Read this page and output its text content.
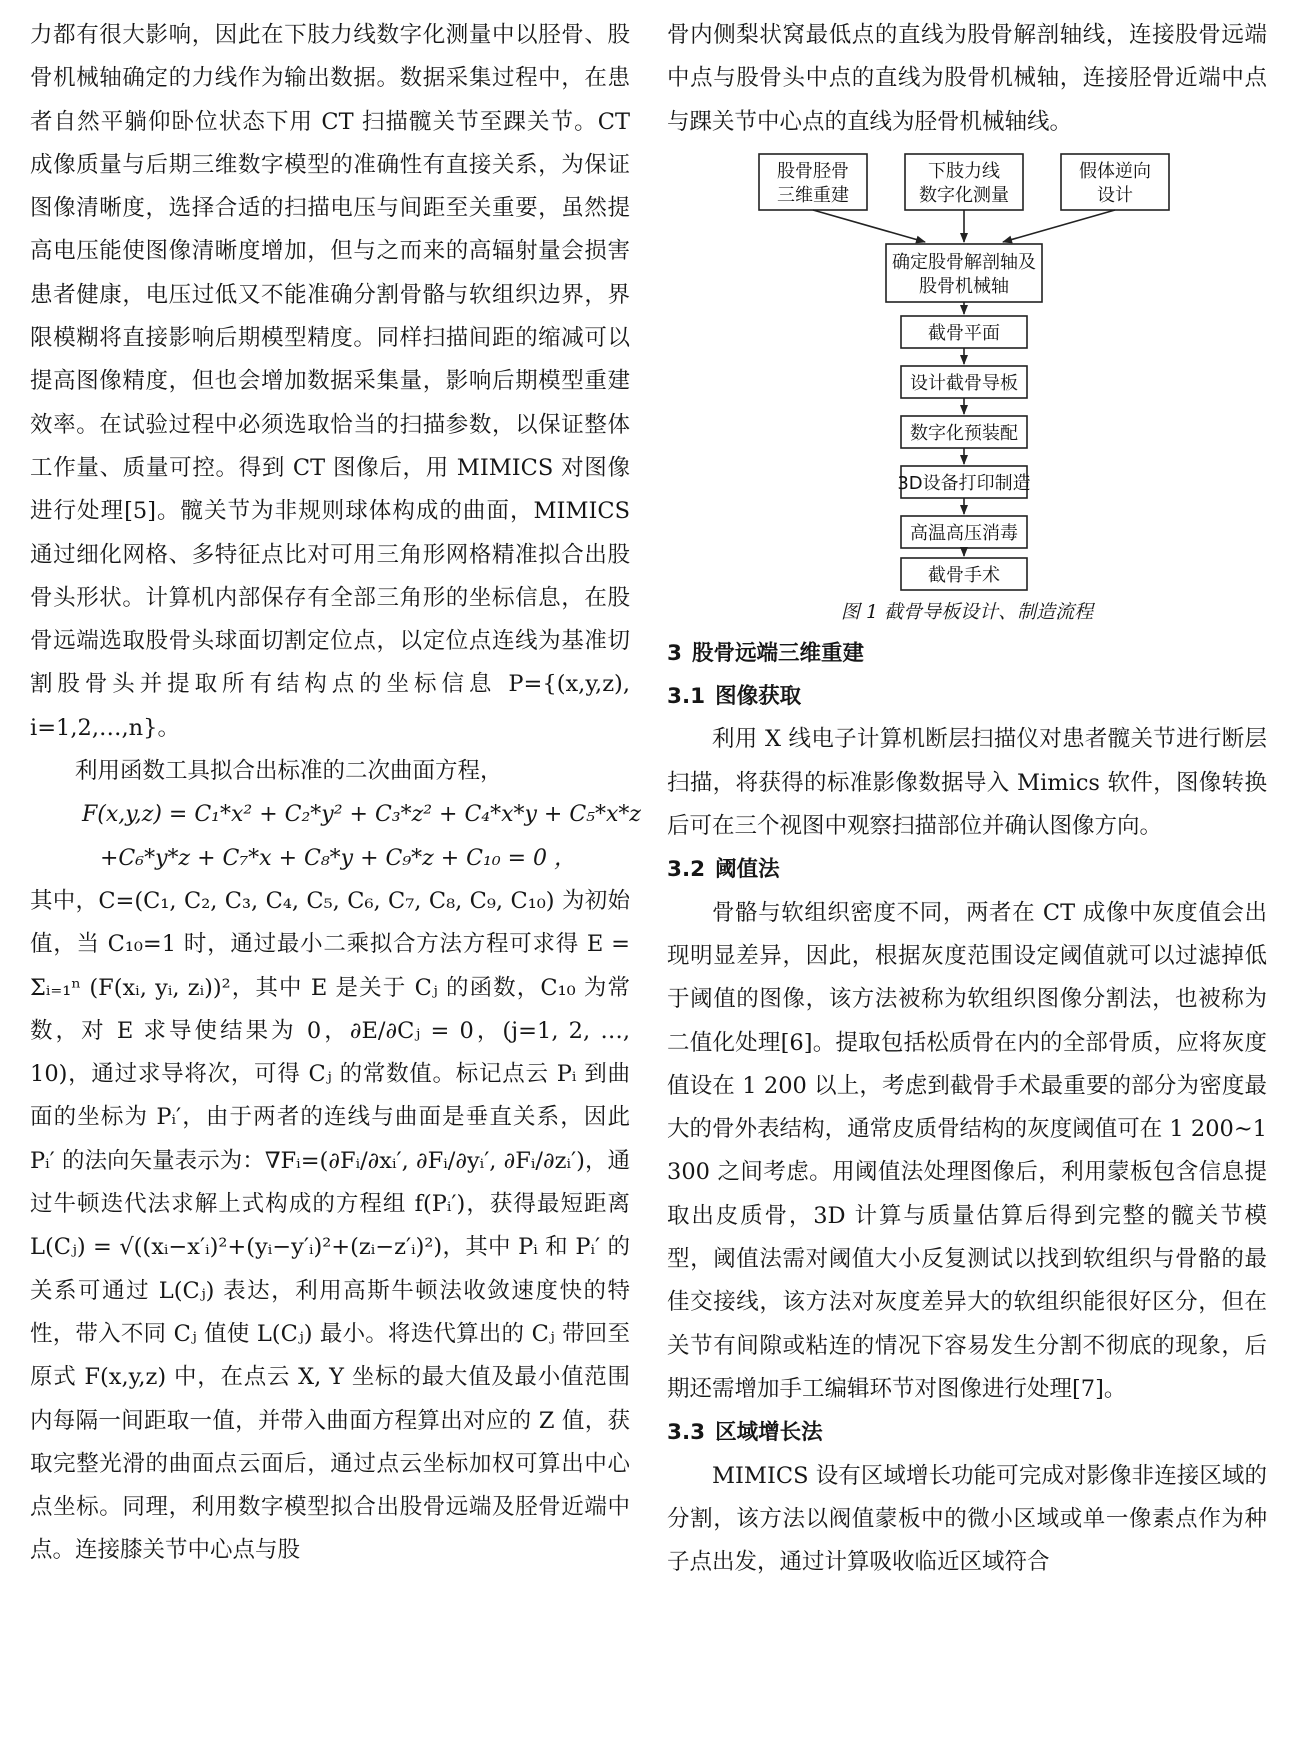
力都有很大影响，因此在下肢力线数字化测量中以胫骨、股骨机械轴确定的力线作为输出数据。数据采集过程中，在患者自然平躺仰卧位状态下用 CT 扫描髋关节至踝关节。CT 成像质量与后期三维数字模型的准确性有直接关系，为保证图像清晰度，选择合适的扫描电压与间距至关重要，虽然提高电压能使图像清晰度增加，但与之而来的高辐射量会损害患者健康，电压过低又不能准确分割骨骼与软组织边界，界限模糊将直接影响后期模型精度。同样扫描间距的缩减可以提高图像精度，但也会增加数据采集量，影响后期模型重建效率。在试验过程中必须选取恰当的扫描参数，以保证整体工作量、质量可控。得到 CT 图像后，用 MIMICS 对图像进行处理[5]。髋关节为非规则球体构成的曲面，MIMICS 通过细化网格、多特征点比对可用三角形网格精准拟合出股骨头形状。计算机内部保存有全部三角形的坐标信息，在股骨远端选取股骨头球面切割定位点，以定位点连线为基准切割股骨头并提取所有结构点的坐标信息 P={(x,y,z), i=1,2,…,n}。

利用函数工具拟合出标准的二次曲面方程，

F(x,y,z) = C₁*x² + C₂*y² + C₃*z² + C₄*x*y + C₅*x*z
+C₆*y*z + C₇*x + C₈*y + C₉*z + C₁₀ = 0 ，

其中，C=(C₁, C₂, C₃, C₄, C₅, C₆, C₇, C₈, C₉, C₁₀) 为初始值，当 C₁₀=1 时，通过最小二乘拟合方法方程可求得 E = Σᵢ₌₁ⁿ (F(xᵢ, yᵢ, zᵢ))²，其中 E 是关于 Cⱼ 的函数，C₁₀ 为常数，对 E 求导使结果为 0，∂E/∂Cⱼ = 0，(j=1, 2, …, 10)，通过求导将次，可得 Cⱼ 的常数值。标记点云 Pᵢ 到曲面的坐标为 Pᵢ′，由于两者的连线与曲面是垂直关系，因此 Pᵢ′ 的法向矢量表示为：∇Fᵢ=(∂Fᵢ/∂xᵢ′, ∂Fᵢ/∂yᵢ′, ∂Fᵢ/∂zᵢ′)，通过牛顿迭代法求解上式构成的方程组 f(Pᵢ′)，获得最短距离 L(Cⱼ) = √((xᵢ−x′ᵢ)²+(yᵢ−y′ᵢ)²+(zᵢ−z′ᵢ)²)，其中 Pᵢ 和 Pᵢ′ 的关系可通过 L(Cⱼ) 表达，利用高斯牛顿法收敛速度快的特性，带入不同 Cⱼ 值使 L(Cⱼ) 最小。将迭代算出的 Cⱼ 带回至原式 F(x,y,z) 中，在点云 X, Y 坐标的最大值及最小值范围内每隔一间距取一值，并带入曲面方程算出对应的 Z 值，获取完整光滑的曲面点云面后，通过点云坐标加权可算出中心点坐标。同理，利用数字模型拟合出股骨远端及胫骨近端中点。连接膝关节中心点与股

骨内侧梨状窝最低点的直线为股骨解剖轴线，连接股骨远端中点与股骨头中点的直线为股骨机械轴，连接胫骨近端中点与踝关节中心点的直线为胫骨机械轴线。

股骨胫骨
三维重建
下肢力线
数字化测量
假体逆向
设计
确定股骨解剖轴及
股骨机械轴
截骨平面
设计截骨导板
数字化预装配
3D设备打印制造
高温高压消毒
截骨手术

图 1 截骨导板设计、制造流程

3 股骨远端三维重建

3.1 图像获取

利用 X 线电子计算机断层扫描仪对患者髋关节进行断层扫描，将获得的标准影像数据导入 Mimics 软件，图像转换后可在三个视图中观察扫描部位并确认图像方向。

3.2 阈值法

骨骼与软组织密度不同，两者在 CT 成像中灰度值会出现明显差异，因此，根据灰度范围设定阈值就可以过滤掉低于阈值的图像，该方法被称为软组织图像分割法，也被称为二值化处理[6]。提取包括松质骨在内的全部骨质，应将灰度值设在 1 200 以上，考虑到截骨手术最重要的部分为密度最大的骨外表结构，通常皮质骨结构的灰度阈值可在 1 200~1 300 之间考虑。用阈值法处理图像后，利用蒙板包含信息提取出皮质骨，3D 计算与质量估算后得到完整的髋关节模型，阈值法需对阈值大小反复测试以找到软组织与骨骼的最佳交接线，该方法对灰度差异大的软组织能很好区分，但在关节有间隙或粘连的情况下容易发生分割不彻底的现象，后期还需增加手工编辑环节对图像进行处理[7]。

3.3 区域增长法

MIMICS 设有区域增长功能可完成对影像非连接区域的分割，该方法以阀值蒙板中的微小区域或单一像素点作为种子点出发，通过计算吸收临近区域符合
